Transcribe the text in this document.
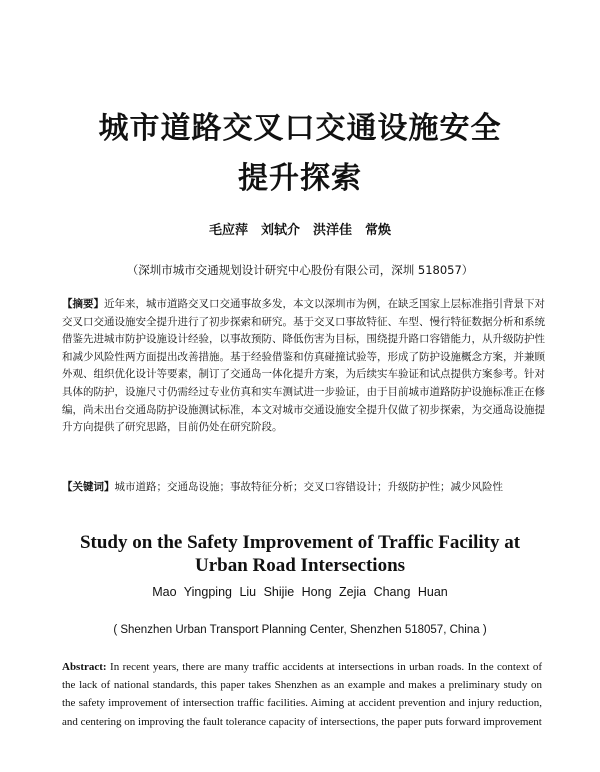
城市道路交叉口交通设施安全
提升探索
毛应萍　刘轼介　洪洋佳　常焕
（深圳市城市交通规划设计研究中心股份有限公司，深圳 518057）
【摘要】近年来，城市道路交叉口交通事故多发，本文以深圳市为例，在缺乏国家上层标准指引背景下对交叉口交通设施安全提升进行了初步探索和研究。基于交叉口事故特征、车型、慢行特征数据分析和系统借鉴先进城市防护设施设计经验，以事故预防、降低伤害为目标，围绕提升路口容错能力，从升级防护性和减少风险性两方面提出改善措施。基于经验借鉴和仿真碰撞试验等，形成了防护设施概念方案，并兼顾外观、组织优化设计等要素，制订了交通岛一体化提升方案，为后续实车验证和试点提供方案参考。针对具体的防护，设施尺寸仍需经过专业仿真和实车测试进一步验证，由于目前城市道路防护设施标准正在修编，尚未出台交通岛防护设施测试标准，本文对城市交通设施安全提升仅做了初步探索，为交通岛设施提升方向提供了研究思路，目前仍处在研究阶段。
【关键词】城市道路；交通岛设施；事故特征分析；交叉口容错设计；升级防护性；减少风险性
Study on the Safety Improvement of Traffic Facility at
Urban Road Intersections
Mao Yingping Liu Shijie Hong Zejia Chang Huan
( Shenzhen Urban Transport Planning Center, Shenzhen 518057, China )
Abstract: In recent years, there are many traffic accidents at intersections in urban roads. In the context of the lack of national standards, this paper takes Shenzhen as an example and makes a preliminary study on the safety improvement of intersection traffic facilities. Aiming at accident prevention and injury reduction, and centering on improving the fault tolerance capacity of intersections, the paper puts forward improvement
